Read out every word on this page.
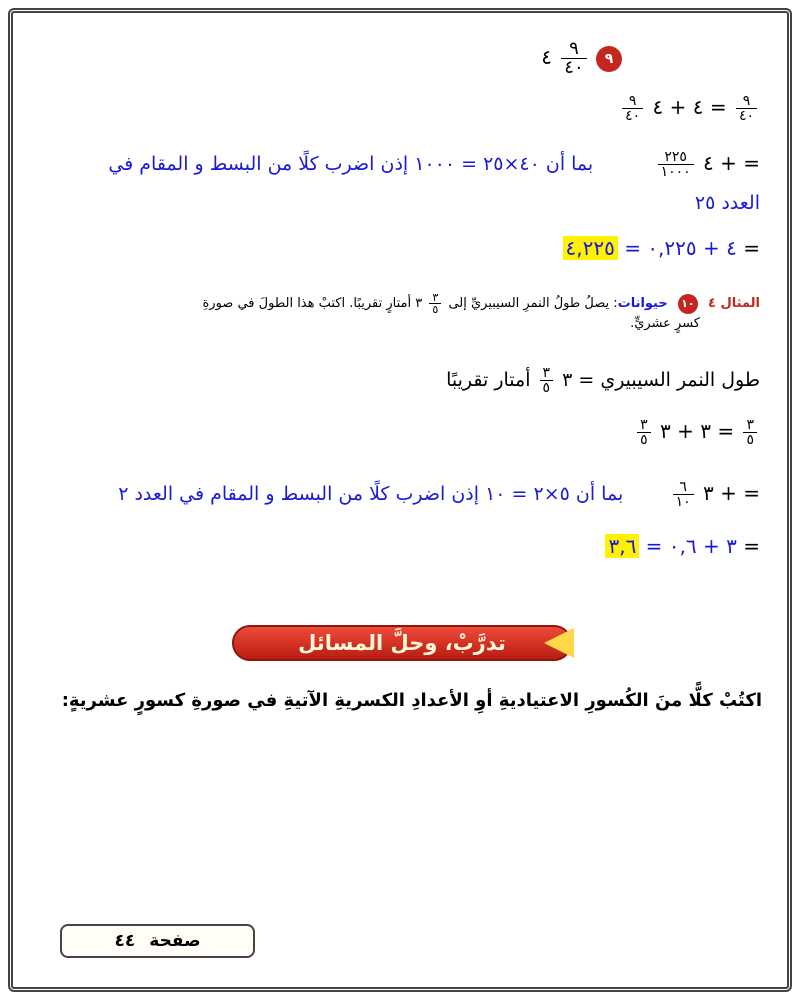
٩
$\frac{٩}{٤٠}$
٤
$\frac{٩}{٤٠}$
= ٤ + ٤
$\frac{٩}{٤٠}$
= + ٤
$\frac{٢٢٥}{١٠٠٠}$
بما أن ٤٠×٢٥ = ١٠٠٠ إذن اضرب كلًا من البسط و المقام في
العدد ٢٥
= ٤ + ٠,٢٢٥ = ٤,٢٢٥
المثال ٤ ١٠ حيوانات: يصلُ طولُ النمرِ السيبيريِّ إلى
$\frac{٣}{٥}$
٣ أمتارٍ تقريبًا. اكتبْ هذا الطولَ في صورةِ
كسرٍ عشريٍّ.
طول النمر السيبيري = ٣
$\frac{٣}{٥}$
أمتار تقريبًا
$\frac{٣}{٥}$
= ٣ + ٣
$\frac{٣}{٥}$
= + ٣
$\frac{٦}{١٠}$
بما أن ٥×٢ = ١٠ إذن اضرب كلًا من البسط و المقام في العدد ٢
= ٣ + ٠,٦ = ٣,٦
تدرَّبْ، وحلَّ المسائل
اكتُبْ كلًّا منَ الكُسورِ الاعتياديةِ أوِ الأعدادِ الكسريةِ الآتيةِ في صورةِ كسورٍ عشريةٍ:
صفحة
٤٤
